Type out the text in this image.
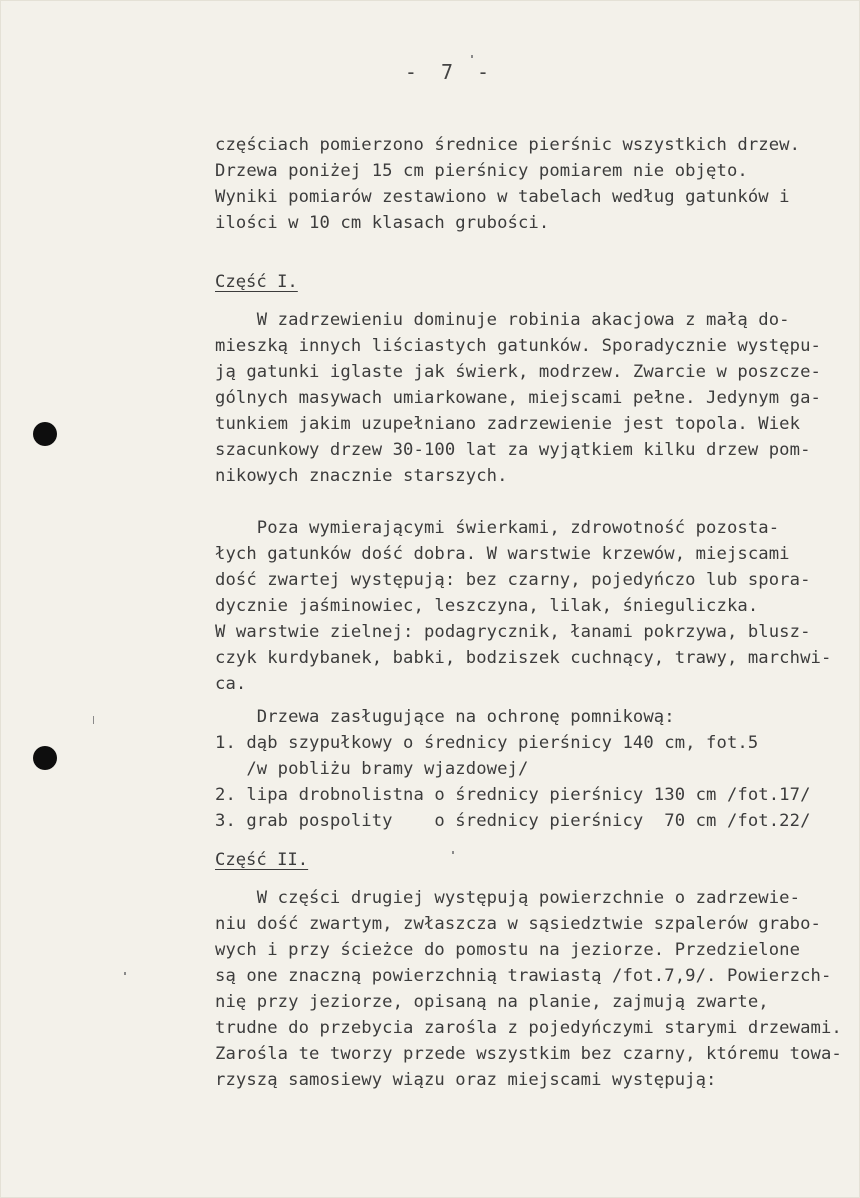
- 7 -
częściach pomierzono średnice pierśnic wszystkich drzew.
Drzewa poniżej 15 cm pierśnicy pomiarem nie objęto.
Wyniki pomiarów zestawiono w tabelach według gatunków i
ilości w 10 cm klasach grubości.
Część I.
W zadrzewieniu dominuje robinia akacjowa z małą do-
mieszką innych liściastych gatunków. Sporadycznie występu-
ją gatunki iglaste jak świerk, modrzew. Zwarcie w poszcze-
gólnych masywach umiarkowane, miejscami pełne. Jedynym ga-
tunkiem jakim uzupełniano zadrzewienie jest topola. Wiek
szacunkowy drzew 30-100 lat za wyjątkiem kilku drzew pom-
nikowych znacznie starszych.
Poza wymierającymi świerkami, zdrowotność pozosta-
łych gatunków dość dobra. W warstwie krzewów, miejscami
dość zwartej występują: bez czarny, pojedyńczo lub spora-
dycznie jaśminowiec, leszczyna, lilak, śnieguliczka.
W warstwie zielnej: podagrycznik, łanami pokrzywa, blusz-
czyk kurdybanek, babki, bodziszek cuchnący, trawy, marchwi-
ca.
Drzewa zasługujące na ochronę pomnikową:
1. dąb szypułkowy o średnicy pierśnicy 140 cm, fot.5
/w pobliżu bramy wjazdowej/
2. lipa drobnolistna o średnicy pierśnicy 130 cm /fot.17/
3. grab pospolity    o średnicy pierśnicy  70 cm /fot.22/
Część II.
W części drugiej występują powierzchnie o zadrzewie-
niu dość zwartym, zwłaszcza w sąsiedztwie szpalerów grabo-
wych i przy ścieżce do pomostu na jeziorze. Przedzielone
są one znaczną powierzchnią trawiastą /fot.7,9/. Powierzch-
nię przy jeziorze, opisaną na planie, zajmują zwarte,
trudne do przebycia zarośla z pojedyńczymi starymi drzewami.
Zarośla te tworzy przede wszystkim bez czarny, któremu towa-
rzyszą samosiewy wiązu oraz miejscami występują:
